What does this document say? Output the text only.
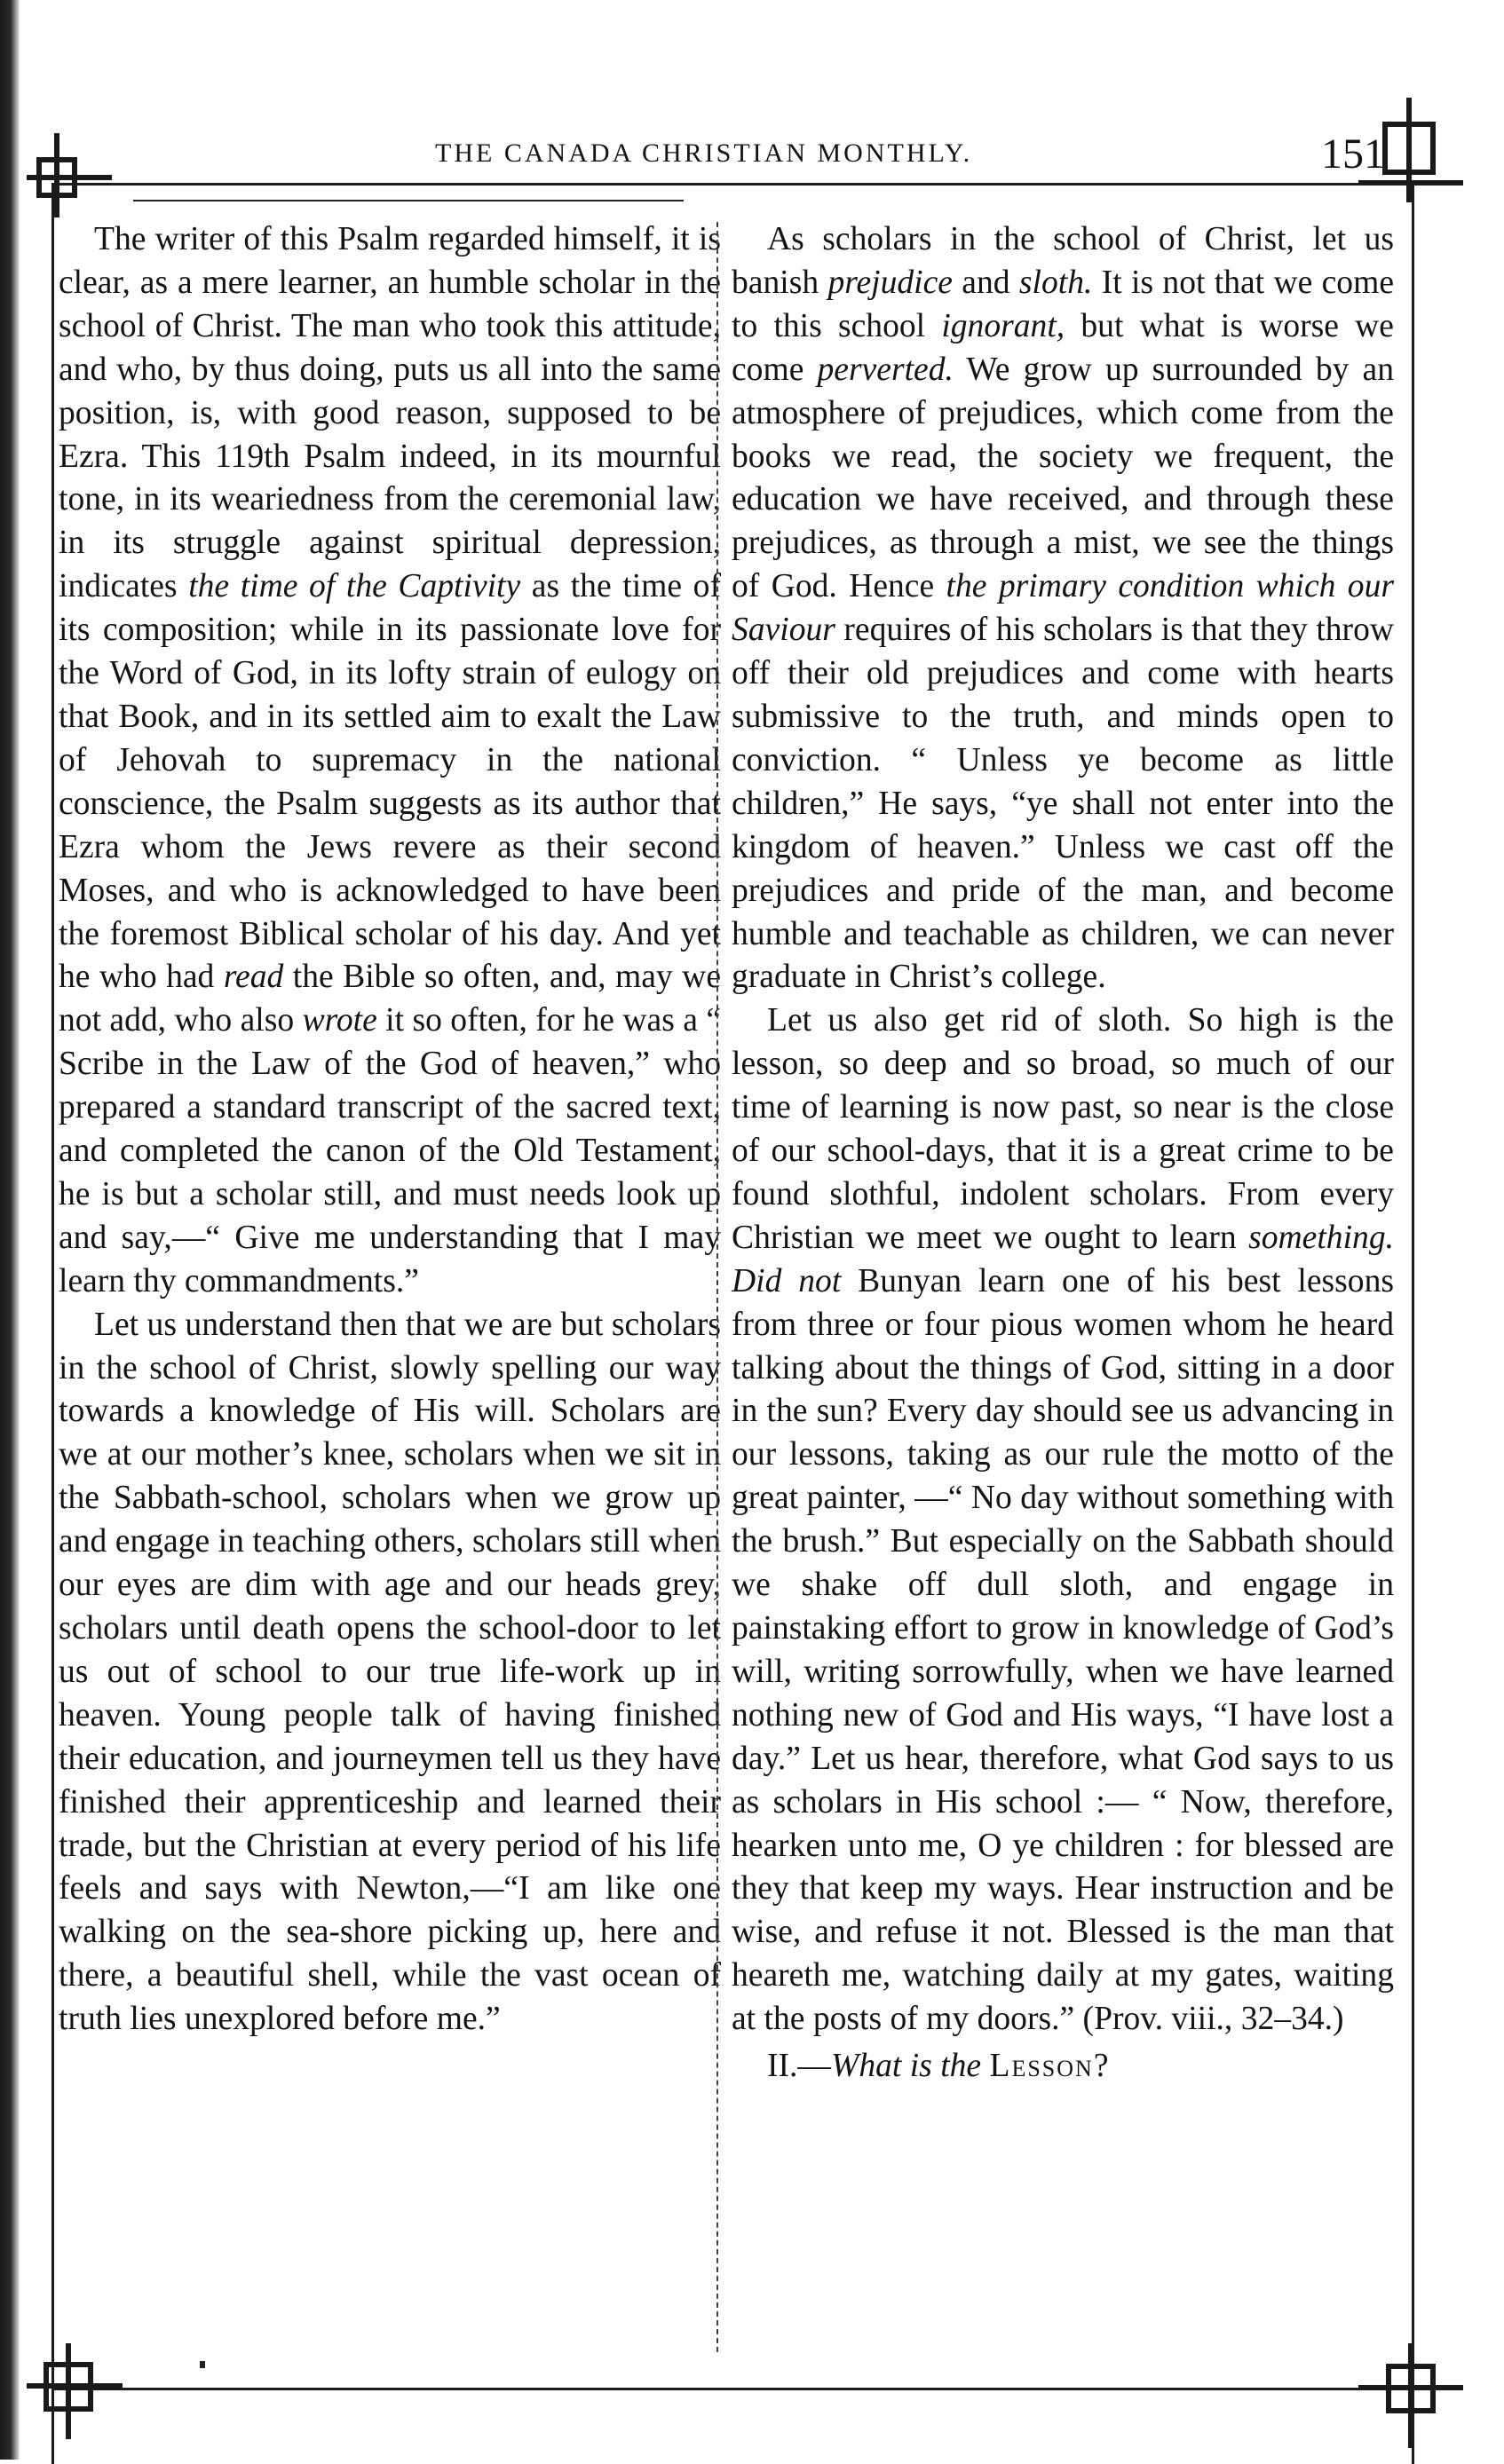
THE CANADA CHRISTIAN MONTHLY.	151

The writer of this Psalm regarded himself, it is clear, as a mere learner, an humble scholar in the school of Christ. The man who took this attitude, and who, by thus doing, puts us all into the same position, is, with good reason, supposed to be Ezra. This 119th Psalm indeed, in its mournful tone, in its weariedness from the ceremonial law, in its struggle against spiritual depression, indicates the time of the Captivity as the time of its composition; while in its passionate love for the Word of God, in its lofty strain of eulogy on that Book, and in its settled aim to exalt the Law of Jehovah to supremacy in the national conscience, the Psalm suggests as its author that Ezra whom the Jews revere as their second Moses, and who is acknowledged to have been the foremost Biblical scholar of his day. And yet he who had read the Bible so often, and, may we not add, who also wrote it so often, for he was a “ Scribe in the Law of the God of heaven,” who prepared a standard transcript of the sacred text, and completed the canon of the Old Testament, he is but a scholar still, and must needs look up and say,—“ Give me understanding that I may learn thy commandments.”

Let us understand then that we are but scholars in the school of Christ, slowly spelling our way towards a knowledge of His will. Scholars are we at our mother’s knee, scholars when we sit in the Sabbath-school, scholars when we grow up and engage in teaching others, scholars still when our eyes are dim with age and our heads grey, scholars until death opens the school-door to let us out of school to our true life-work up in heaven. Young people talk of having finished their education, and journeymen tell us they have finished their apprenticeship and learned their trade, but the Christian at every period of his life feels and says with Newton,—“I am like one walking on the sea-shore picking up, here and there, a beautiful shell, while the vast ocean of truth lies unexplored before me.”

As scholars in the school of Christ, let us banish prejudice and sloth. It is not that we come to this school ignorant, but what is worse we come perverted. We grow up surrounded by an atmosphere of prejudices, which come from the books we read, the society we frequent, the education we have received, and through these prejudices, as through a mist, we see the things of God. Hence the primary condition which our Saviour requires of his scholars is that they throw off their old prejudices and come with hearts submissive to the truth, and minds open to conviction. “ Unless ye become as little children,” He says, “ye shall not enter into the kingdom of heaven.” Unless we cast off the prejudices and pride of the man, and become humble and teachable as children, we can never graduate in Christ’s college.

Let us also get rid of sloth. So high is the lesson, so deep and so broad, so much of our time of learning is now past, so near is the close of our school-days, that it is a great crime to be found slothful, indolent scholars. From every Christian we meet we ought to learn something. Did not Bunyan learn one of his best lessons from three or four pious women whom he heard talking about the things of God, sitting in a door in the sun? Every day should see us advancing in our lessons, taking as our rule the motto of the great painter, —“ No day without something with the brush.” But especially on the Sabbath should we shake off dull sloth, and engage in painstaking effort to grow in knowledge of God’s will, writing sorrowfully, when we have learned nothing new of God and His ways, “I have lost a day.” Let us hear, therefore, what God says to us as scholars in His school :— “ Now, therefore, hearken unto me, O ye children : for blessed are they that keep my ways. Hear instruction and be wise, and refuse it not. Blessed is the man that heareth me, watching daily at my gates, waiting at the posts of my doors.” (Prov. viii., 32–34.)

II.—What is the Lesson?
